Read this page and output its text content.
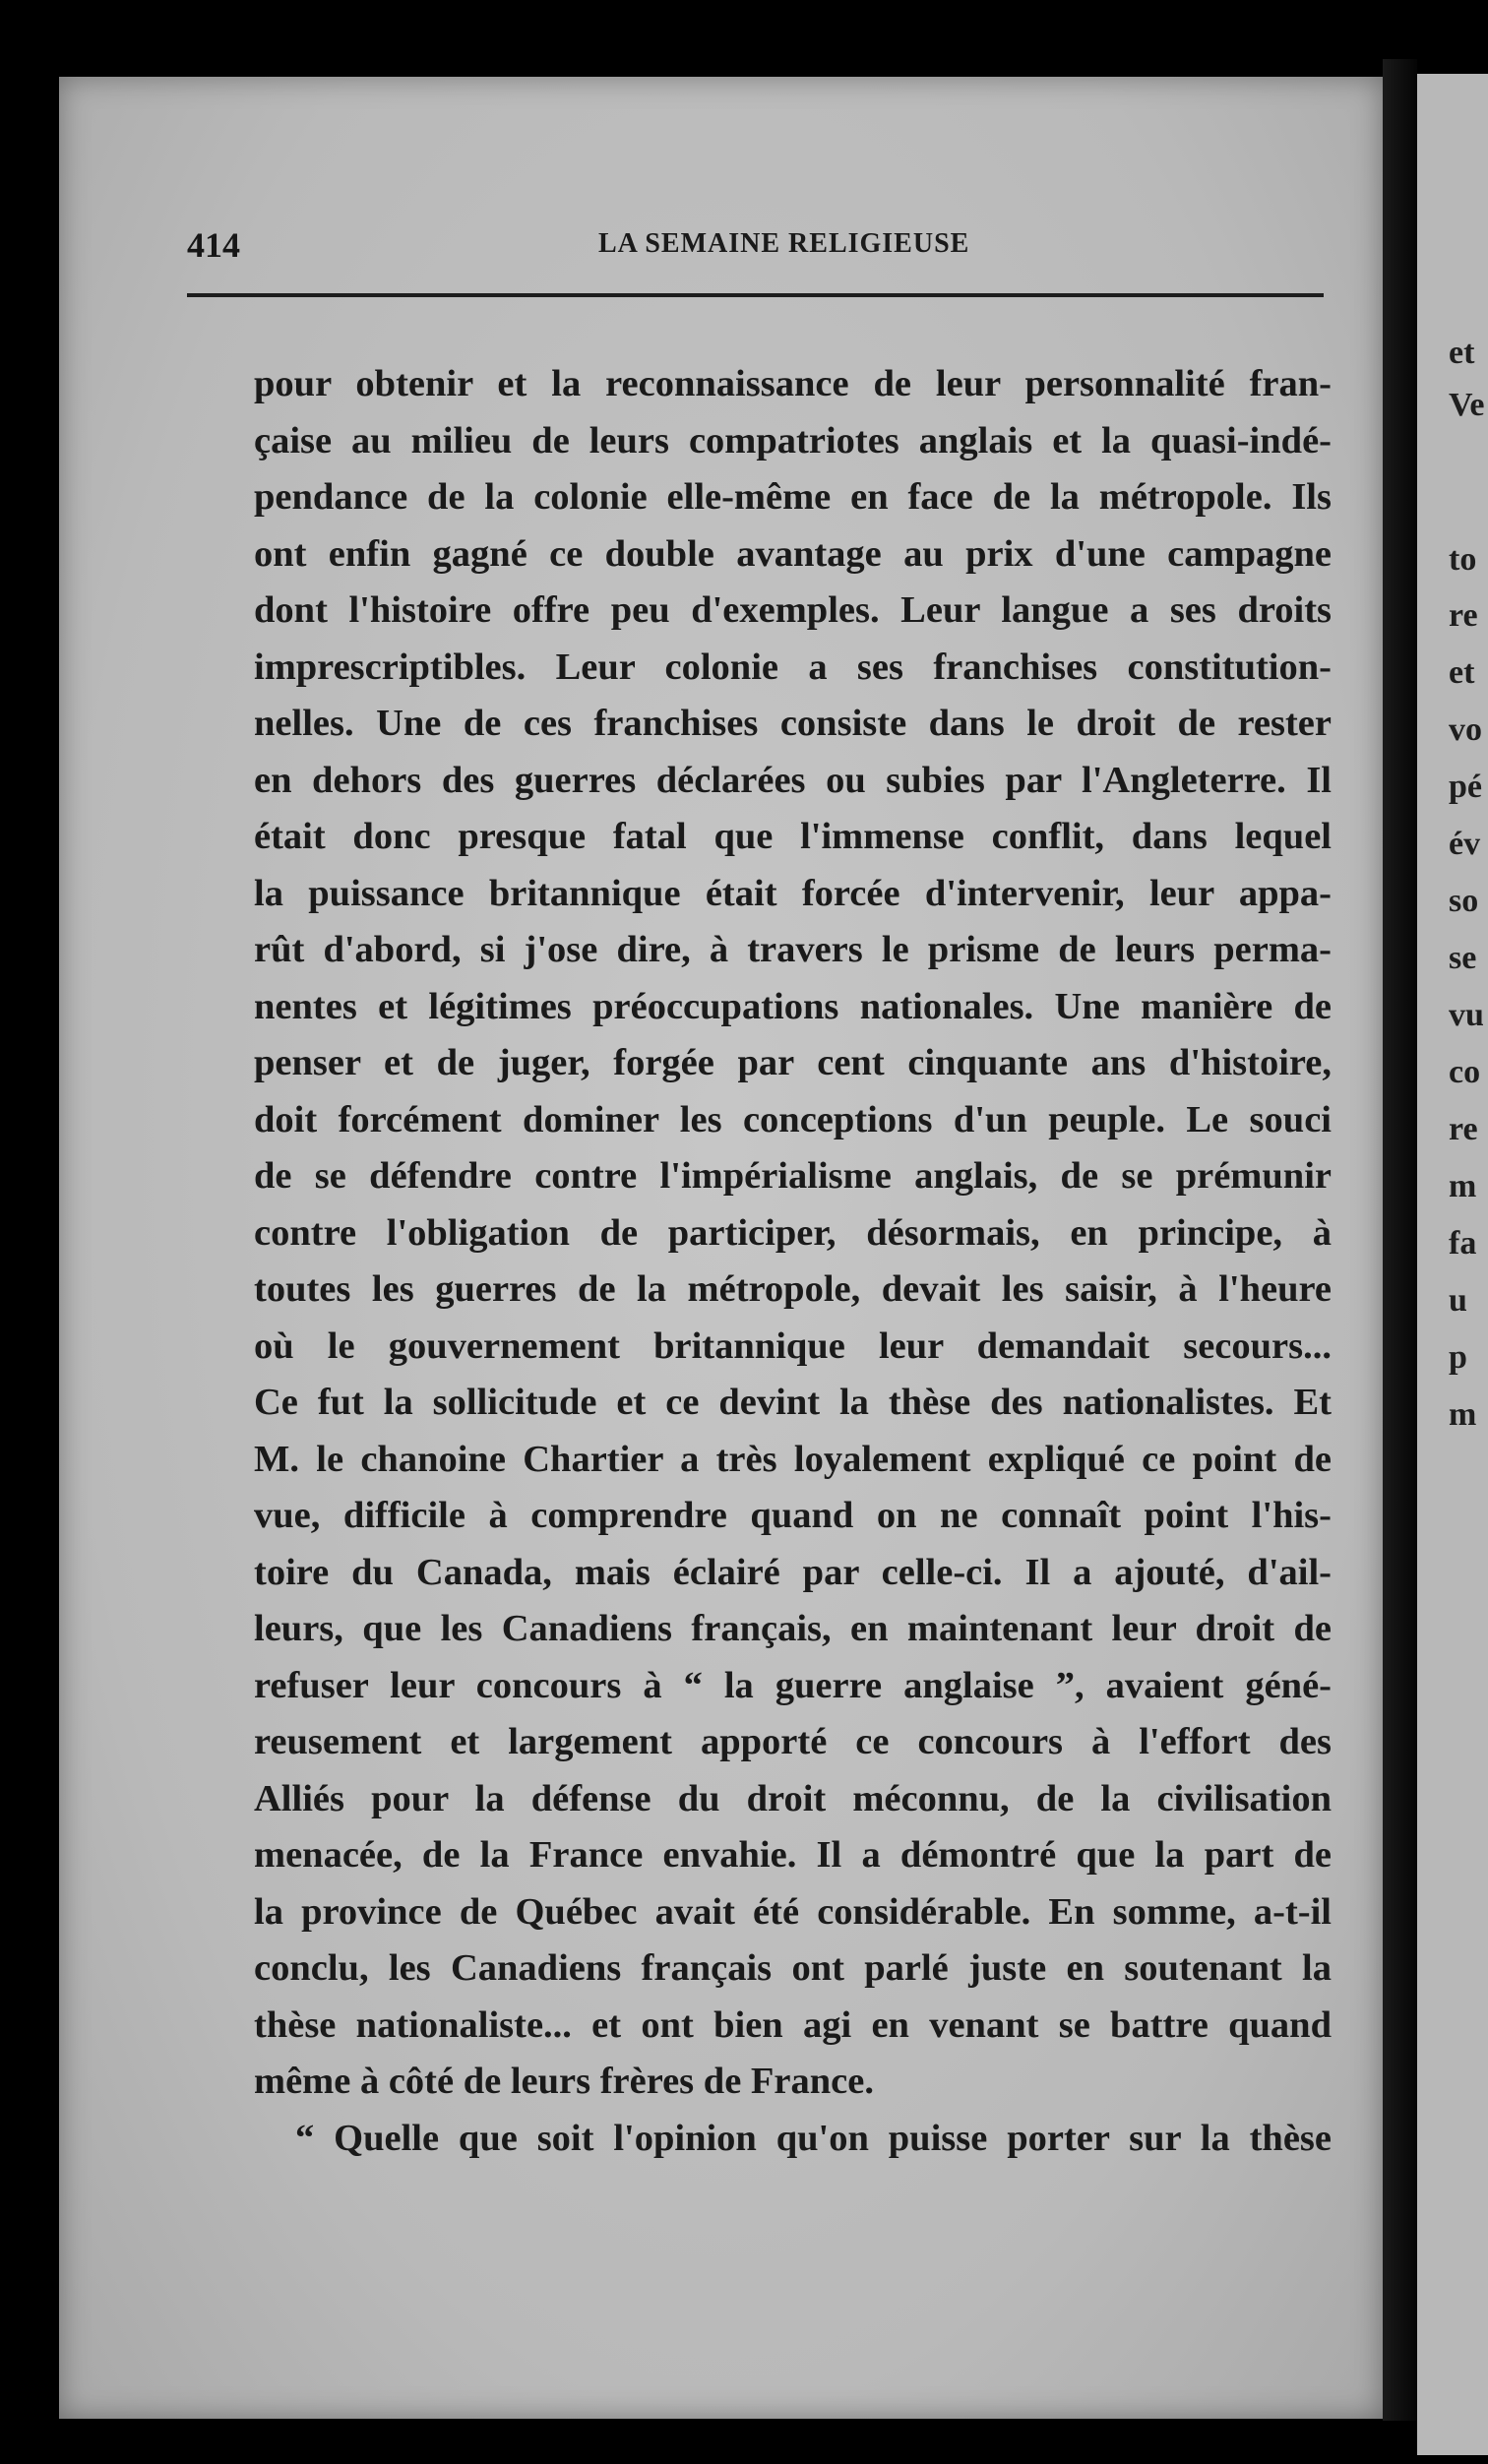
et
Ve
to
re
et
vo
pé
év
so
se
vu
co
re
m
fa
u
p
m
414	LA SEMAINE RELIGIEUSE
pour obtenir et la reconnaissance de leur personnalité fran-
çaise au milieu de leurs compatriotes anglais et la quasi-indé-
pendance de la colonie elle-même en face de la métropole. Ils
ont enfin gagné ce double avantage au prix d'une campagne
dont l'histoire offre peu d'exemples. Leur langue a ses droits
imprescriptibles. Leur colonie a ses franchises constitution-
nelles. Une de ces franchises consiste dans le droit de rester
en dehors des guerres déclarées ou subies par l'Angleterre. Il
était donc presque fatal que l'immense conflit, dans lequel
la puissance britannique était forcée d'intervenir, leur appa-
rût d'abord, si j'ose dire, à travers le prisme de leurs perma-
nentes et légitimes préoccupations nationales. Une manière de
penser et de juger, forgée par cent cinquante ans d'histoire,
doit forcément dominer les conceptions d'un peuple. Le souci
de se défendre contre l'impérialisme anglais, de se prémunir
contre l'obligation de participer, désormais, en principe, à
toutes les guerres de la métropole, devait les saisir, à l'heure
où le gouvernement britannique leur demandait secours...
Ce fut la sollicitude et ce devint la thèse des nationalistes. Et
M. le chanoine Chartier a très loyalement expliqué ce point de
vue, difficile à comprendre quand on ne connaît point l'his-
toire du Canada, mais éclairé par celle-ci. Il a ajouté, d'ail-
leurs, que les Canadiens français, en maintenant leur droit de
refuser leur concours à “ la guerre anglaise ”, avaient géné-
reusement et largement apporté ce concours à l'effort des
Alliés pour la défense du droit méconnu, de la civilisation
menacée, de la France envahie. Il a démontré que la part de
la province de Québec avait été considérable. En somme, a-t-il
conclu, les Canadiens français ont parlé juste en soutenant la
thèse nationaliste... et ont bien agi en venant se battre quand
même à côté de leurs frères de France.
“ Quelle que soit l'opinion qu'on puisse porter sur la thèse
